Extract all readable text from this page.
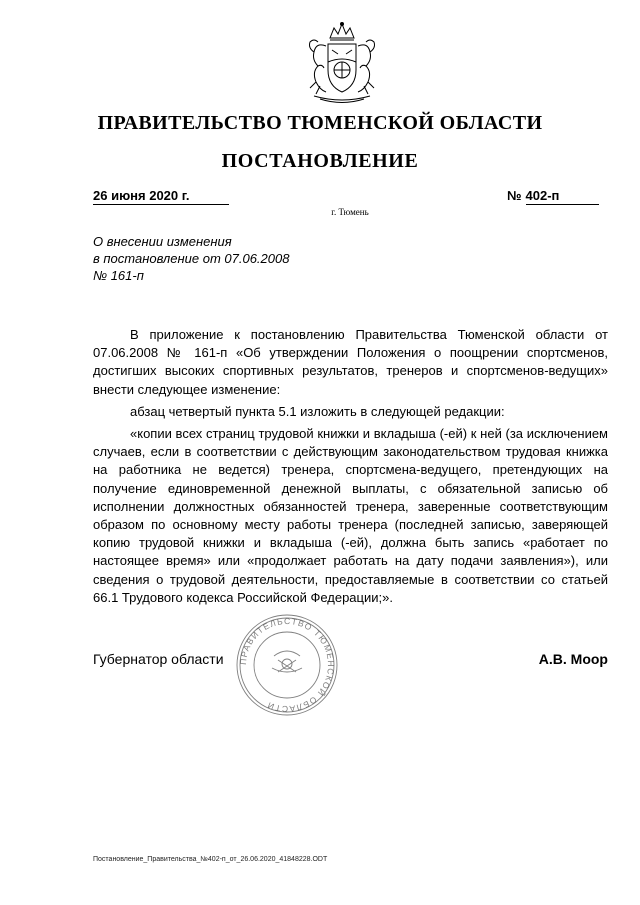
ПРАВИТЕЛЬСТВО ТЮМЕНСКОЙ ОБЛАСТИ
ПОСТАНОВЛЕНИЕ
26 июня 2020 г.	№ 402-п
г. Тюмень
О внесении изменения
в постановление от 07.06.2008
№ 161-п

В приложение к постановлению Правительства Тюменской области от 07.06.2008 № 161-п «Об утверждении Положения о поощрении спортсменов, достигших высоких спортивных результатов, тренеров и спортсменов-ведущих» внести следующее изменение:

абзац четвертый пункта 5.1 изложить в следующей редакции:

«копии всех страниц трудовой книжки и вкладыша (-ей) к ней (за исключением случаев, если в соответствии с действующим законодательством трудовая книжка на работника не ведется) тренера, спортсмена-ведущего, претендующих на получение единовременной денежной выплаты, с обязательной записью об исполнении должностных обязанностей тренера, заверенные соответствующим образом по основному месту работы тренера (последней записью, заверяющей копию трудовой книжки и вкладыша (-ей), должна быть запись «работает по настоящее время» или «продолжает работать на дату подачи заявления»), или сведения о трудовой деятельности, предоставляемые в соответствии со статьей 66.1 Трудового кодекса Российской Федерации;».

ПРАВИТЕЛЬСТВО ТЮМЕНСКОЙ ОБЛАСТИ
Губернатор области	А.В. Моор
Постановление_Правительства_№402-п_от_26.06.2020_41848228.ODT
